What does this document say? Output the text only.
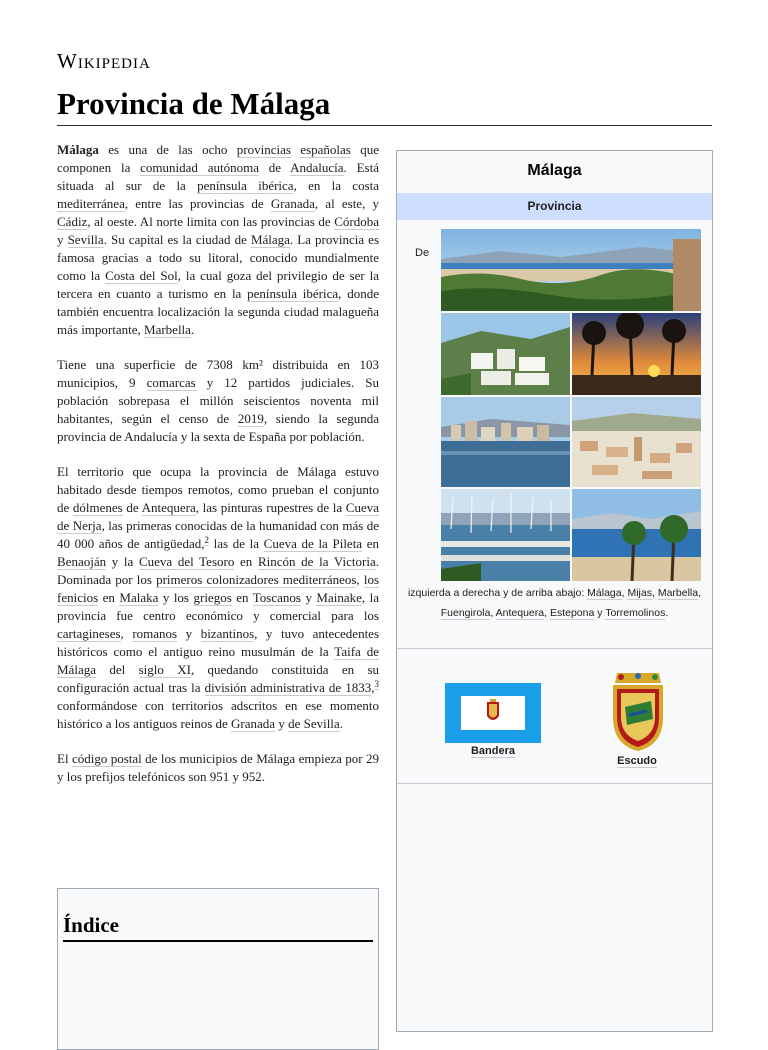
Wikipedia
Provincia de Málaga

Málaga es una de las ocho provincias españolas que componen la comunidad autónoma de Andalucía. Está situada al sur de la península ibérica, en la costa mediterránea, entre las provincias de Granada, al este, y Cádiz, al oeste. Al norte limita con las provincias de Córdoba y Sevilla. Su capital es la ciudad de Málaga. La provincia es famosa gracias a todo su litoral, conocido mundialmente como la Costa del Sol, la cual goza del privilegio de ser la tercera en cuanto a turismo en la península ibérica, donde también encuentra localización la segunda ciudad malagueña más importante, Marbella.

Tiene una superficie de 7308 km² distribuida en 103 municipios, 9 comarcas y 12 partidos judiciales. Su población sobrepasa el millón seiscientos noventa mil habitantes, según el censo de 2019, siendo la segunda provincia de Andalucía y la sexta de España por población.

El territorio que ocupa la provincia de Málaga estuvo habitado desde tiempos remotos, como prueban el conjunto de dólmenes de Antequera, las pinturas rupestres de la Cueva de Nerja, las primeras conocidas de la humanidad con más de 40 000 años de antigüedad,$^2$ las de la Cueva de la Pileta en Benaoján y la Cueva del Tesoro en Rincón de la Victoria. Dominada por los primeros colonizadores mediterráneos, los fenicios en Malaka y los griegos en Toscanos y Mainake, la provincia fue centro económico y comercial para los cartagineses, romanos y bizantinos, y tuvo antecedentes históricos como el antiguo reino musulmán de la Taifa de Málaga del siglo XI, quedando constituida en su configuración actual tras la división administrativa de 1833,$^3$ conformándose con territorios adscritos en ese momento histórico a los antiguos reinos de Granada y de Sevilla.

El código postal de los municipios de Málaga empieza por 29 y los prefijos telefónicos son 951 y 952.

Índice
Málaga
Provincia
De
izquierda a derecha y de arriba abajo: Málaga, Mijas, Marbella, Fuengirola, Antequera, Estepona y Torremolinos.
Bandera
Escudo
